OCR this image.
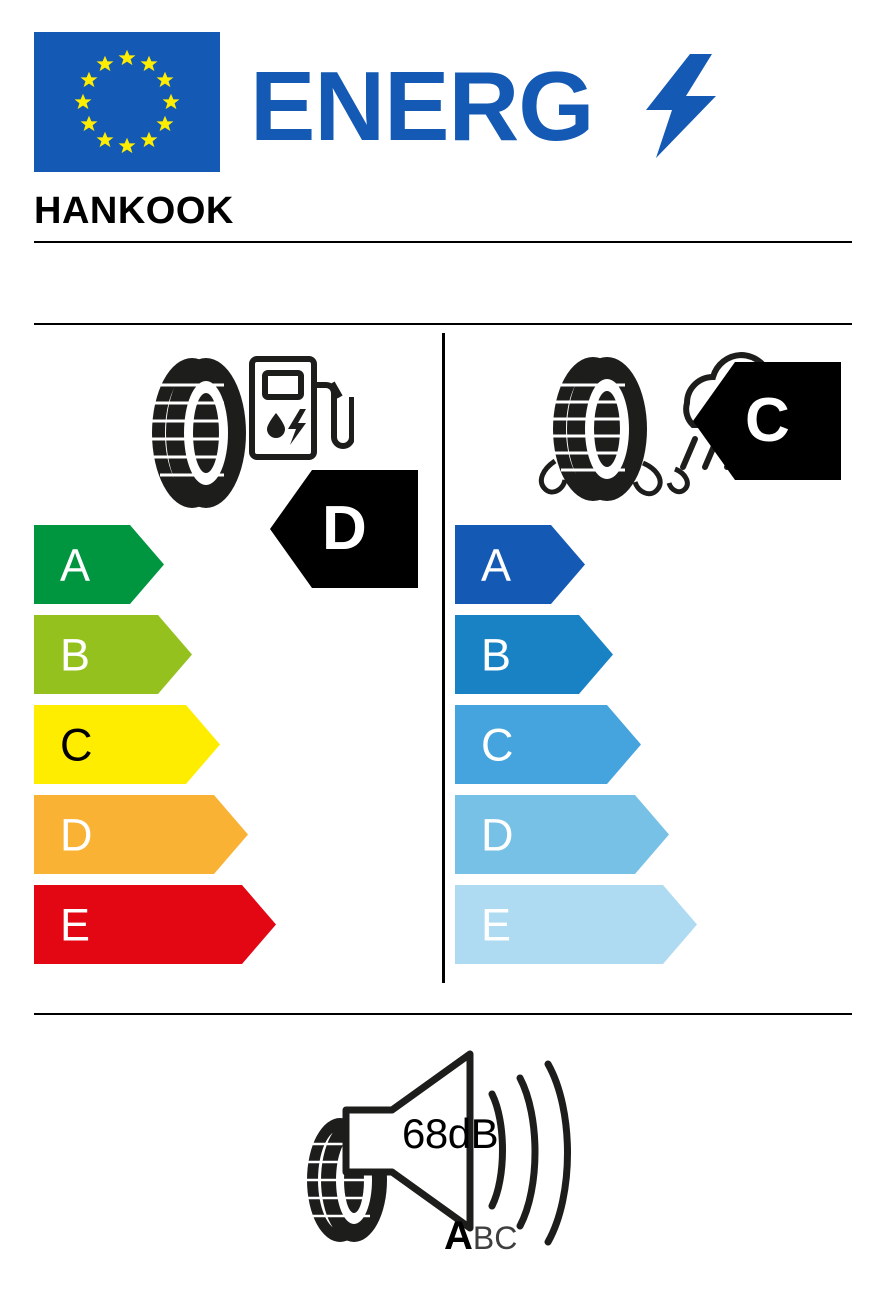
ENERG
HANKOOK
A
B
C
D
E
D
A
B
C
D
E
C
68dB
ABC
